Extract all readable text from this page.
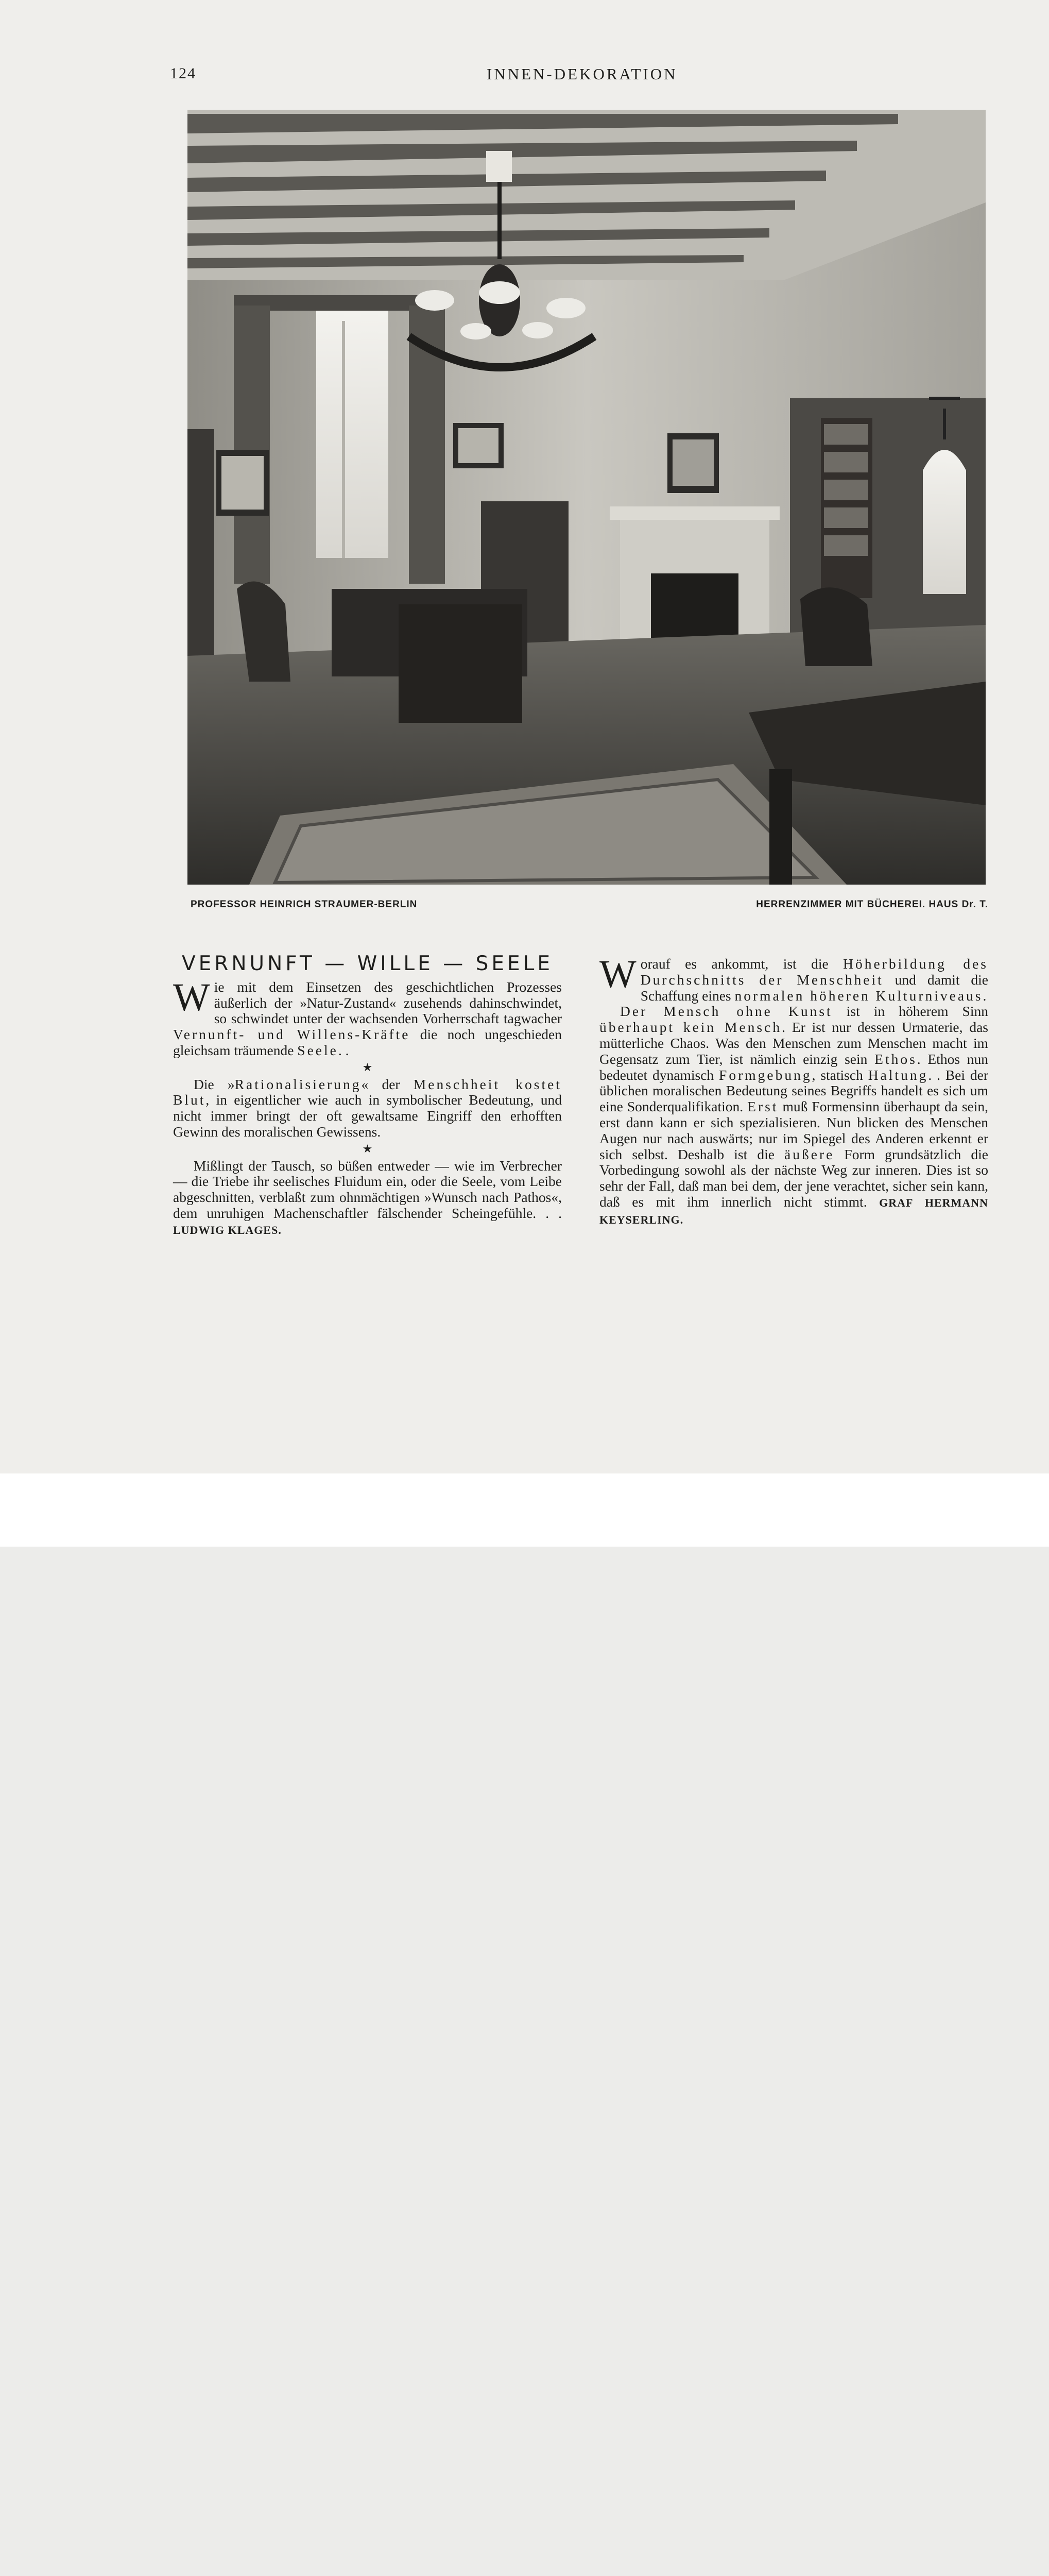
124	INNEN-DEKORATION
PROFESSOR HEINRICH STRAUMER-BERLIN	HERRENZIMMER MIT BÜCHEREI. HAUS Dr. T.
VERNUNFT — WILLE — SEELE

Wie mit dem Einsetzen des geschichtlichen Prozesses äußerlich der »Natur-Zustand« zusehends dahinschwindet, so schwindet unter der wachsenden Vorherrschaft tagwacher Vernunft- und Willens-Kräfte die noch ungeschieden gleichsam träumende Seele. .

★

Die »Rationalisierung« der Menschheit kostet Blut, in eigentlicher wie auch in symbolischer Bedeutung, und nicht immer bringt der oft gewaltsame Eingriff den erhofften Gewinn des moralischen Gewissens.

★

Mißlingt der Tausch, so büßen entweder — wie im Verbrecher — die Triebe ihr seelisches Fluidum ein, oder die Seele, vom Leibe abgeschnitten, verblaßt zum ohnmächtigen »Wunsch nach Pathos«, dem unruhigen Machenschaftler fälschender Scheingefühle. . . LUDWIG KLAGES.

Worauf es ankommt, ist die Höherbildung des Durchschnitts der Menschheit und damit die Schaffung eines normalen höheren Kulturniveaus.

Der Mensch ohne Kunst ist in höherem Sinn überhaupt kein Mensch. Er ist nur dessen Urmaterie, das mütterliche Chaos. Was den Menschen zum Menschen macht im Gegensatz zum Tier, ist nämlich einzig sein Ethos. Ethos nun bedeutet dynamisch Formgebung, statisch Haltung. . Bei der üblichen moralischen Bedeutung seines Begriffs handelt es sich um eine Sonderqualifikation. Erst muß Formensinn überhaupt da sein, erst dann kann er sich spezialisieren. Nun blicken des Menschen Augen nur nach auswärts; nur im Spiegel des Anderen erkennt er sich selbst. Deshalb ist die äußere Form grundsätzlich die Vorbedingung sowohl als der nächste Weg zur inneren. Dies ist so sehr der Fall, daß man bei dem, der jene verachtet, sicher sein kann, daß es mit ihm innerlich nicht stimmt. GRAF HERMANN KEYSERLING.
